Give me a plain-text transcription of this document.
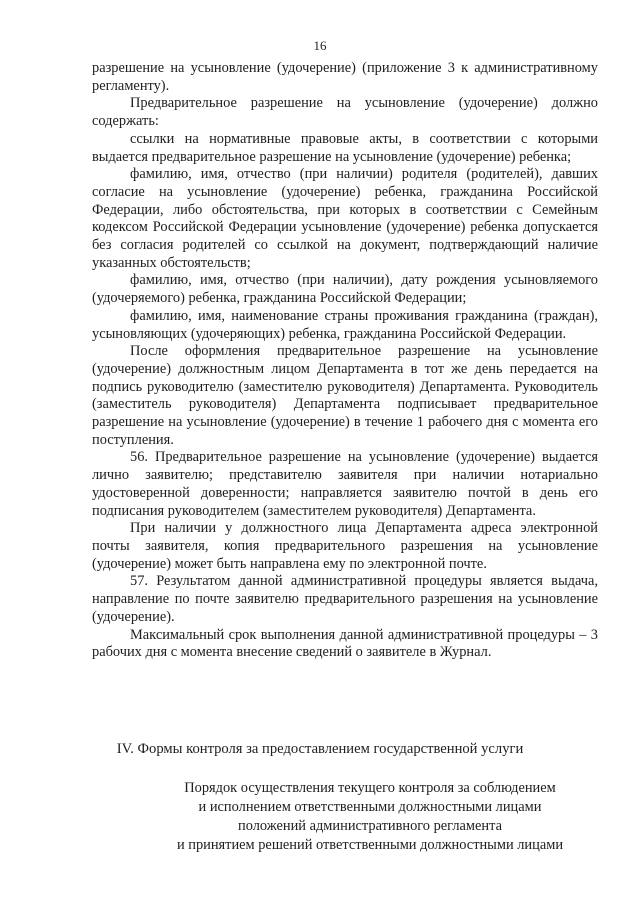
16

разрешение на усыновление (удочерение) (приложение 3 к административному регламенту).

Предварительное разрешение на усыновление (удочерение) должно содержать:

ссылки на нормативные правовые акты, в соответствии с которыми выдается предварительное разрешение на усыновление (удочерение) ребенка;

фамилию, имя, отчество (при наличии) родителя (родителей), давших согласие на усыновление (удочерение) ребенка, гражданина Российской Федерации, либо обстоятельства, при которых в соответствии с Семейным кодексом Российской Федерации усыновление (удочерение) ребенка допускается без согласия родителей со ссылкой на документ, подтверждающий наличие указанных обстоятельств;

фамилию, имя, отчество (при наличии), дату рождения усыновляемого (удочеряемого) ребенка, гражданина Российской Федерации;

фамилию, имя, наименование страны проживания гражданина (граждан), усыновляющих (удочеряющих) ребенка, гражданина Российской Федерации.

После оформления предварительное разрешение на усыновление (удочерение) должностным лицом Департамента в тот же день передается на подпись руководителю (заместителю руководителя) Департамента. Руководитель (заместитель руководителя) Департамента подписывает предварительное разрешение на усыновление (удочерение) в течение 1 рабочего дня с момента его поступления.

56. Предварительное разрешение на усыновление (удочерение) выдается лично заявителю; представителю заявителя при наличии нотариально удостоверенной доверенности; направляется заявителю почтой в день его подписания руководителем (заместителем руководителя) Департамента.

При наличии у должностного лица Департамента адреса электронной почты заявителя, копия предварительного разрешения на усыновление (удочерение) может быть направлена ему по электронной почте.

57. Результатом данной административной процедуры является выдача, направление по почте заявителю предварительного разрешения на усыновление (удочерение).

Максимальный срок выполнения данной административной процедуры – 3 рабочих дня с момента внесение сведений о заявителе в Журнал.

IV. Формы контроля за предоставлением государственной услуги
Порядок осуществления текущего контроля за соблюдением
и исполнением ответственными должностными лицами
положений административного регламента
и принятием решений ответственными должностными лицами
